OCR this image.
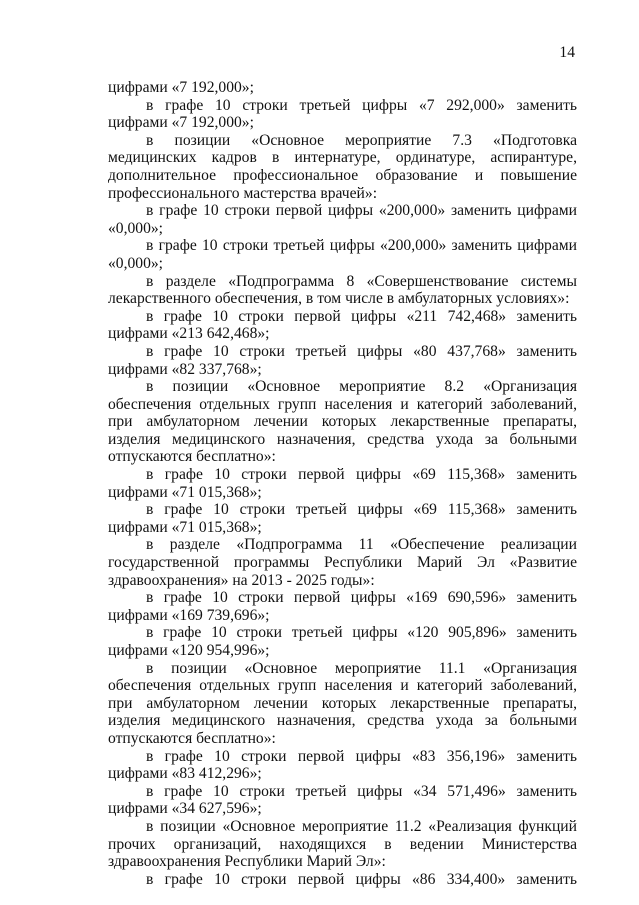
14

цифрами «7 192,000»;

в графе 10 строки третьей цифры «7 292,000» заменить цифрами «7 192,000»;

в позиции «Основное мероприятие 7.3 «Подготовка медицинских кадров в интернатуре, ординатуре, аспирантуре, дополнительное профессиональное образование и повышение профессионального мастерства врачей»:

в графе 10 строки первой цифры «200,000» заменить цифрами «0,000»;

в графе 10 строки третьей цифры «200,000» заменить цифрами «0,000»;

в разделе «Подпрограмма 8 «Совершенствование системы лекарственного обеспечения, в том числе в амбулаторных условиях»:

в графе 10 строки первой цифры «211 742,468» заменить цифрами «213 642,468»;

в графе 10 строки третьей цифры «80 437,768» заменить цифрами «82 337,768»;

в позиции «Основное мероприятие 8.2 «Организация обеспечения отдельных групп населения и категорий заболеваний, при амбулаторном лечении которых лекарственные препараты, изделия медицинского назначения, средства ухода за больными отпускаются бесплатно»:

в графе 10 строки первой цифры «69 115,368» заменить цифрами «71 015,368»;

в графе 10 строки третьей цифры «69 115,368» заменить цифрами «71 015,368»;

в разделе «Подпрограмма 11 «Обеспечение реализации государственной программы Республики Марий Эл «Развитие здравоохранения» на 2013 - 2025 годы»:

в графе 10 строки первой цифры «169 690,596» заменить цифрами «169 739,696»;

в графе 10 строки третьей цифры «120 905,896» заменить цифрами «120 954,996»;

в позиции «Основное мероприятие 11.1 «Организация обеспечения отдельных групп населения и категорий заболеваний, при амбулаторном лечении которых лекарственные препараты, изделия медицинского назначения, средства ухода за больными отпускаются бесплатно»:

в графе 10 строки первой цифры «83 356,196» заменить цифрами «83 412,296»;

в графе 10 строки третьей цифры «34 571,496» заменить цифрами «34 627,596»;

в позиции «Основное мероприятие 11.2 «Реализация функций прочих организаций, находящихся в ведении Министерства здравоохранения Республики Марий Эл»:

в графе 10 строки первой цифры «86 334,400» заменить
